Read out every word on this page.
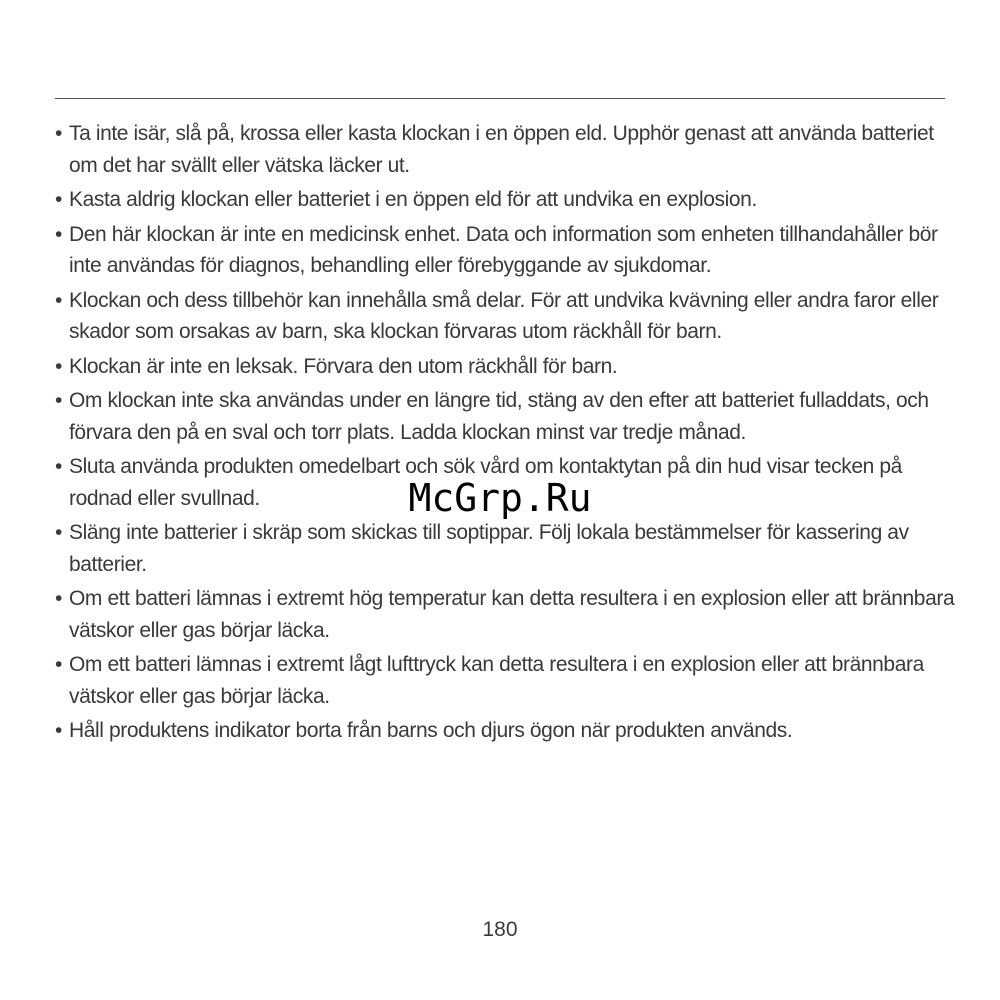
• Ta inte isär, slå på, krossa eller kasta klockan i en öppen eld. Upphör genast att använda batteriet om det har svällt eller vätska läcker ut.
• Kasta aldrig klockan eller batteriet i en öppen eld för att undvika en explosion.
• Den här klockan är inte en medicinsk enhet. Data och information som enheten tillhandahåller bör inte användas för diagnos, behandling eller förebyggande av sjukdomar.
• Klockan och dess tillbehör kan innehålla små delar. För att undvika kvävning eller andra faror eller skador som orsakas av barn, ska klockan förvaras utom räckhåll för barn.
• Klockan är inte en leksak. Förvara den utom räckhåll för barn.
• Om klockan inte ska användas under en längre tid, stäng av den efter att batteriet fulladdats, och förvara den på en sval och torr plats. Ladda klockan minst var tredje månad.
• Sluta använda produkten omedelbart och sök vård om kontaktytan på din hud visar tecken på rodnad eller svullnad.
• Släng inte batterier i skräp som skickas till soptippar. Följ lokala bestämmelser för kassering av batterier.
• Om ett batteri lämnas i extremt hög temperatur kan detta resultera i en explosion eller att brännbara vätskor eller gas börjar läcka.
• Om ett batteri lämnas i extremt lågt lufttryck kan detta resultera i en explosion eller att brännbara vätskor eller gas börjar läcka.
• Håll produktens indikator borta från barns och djurs ögon när produkten används.
McGrp.Ru
180
